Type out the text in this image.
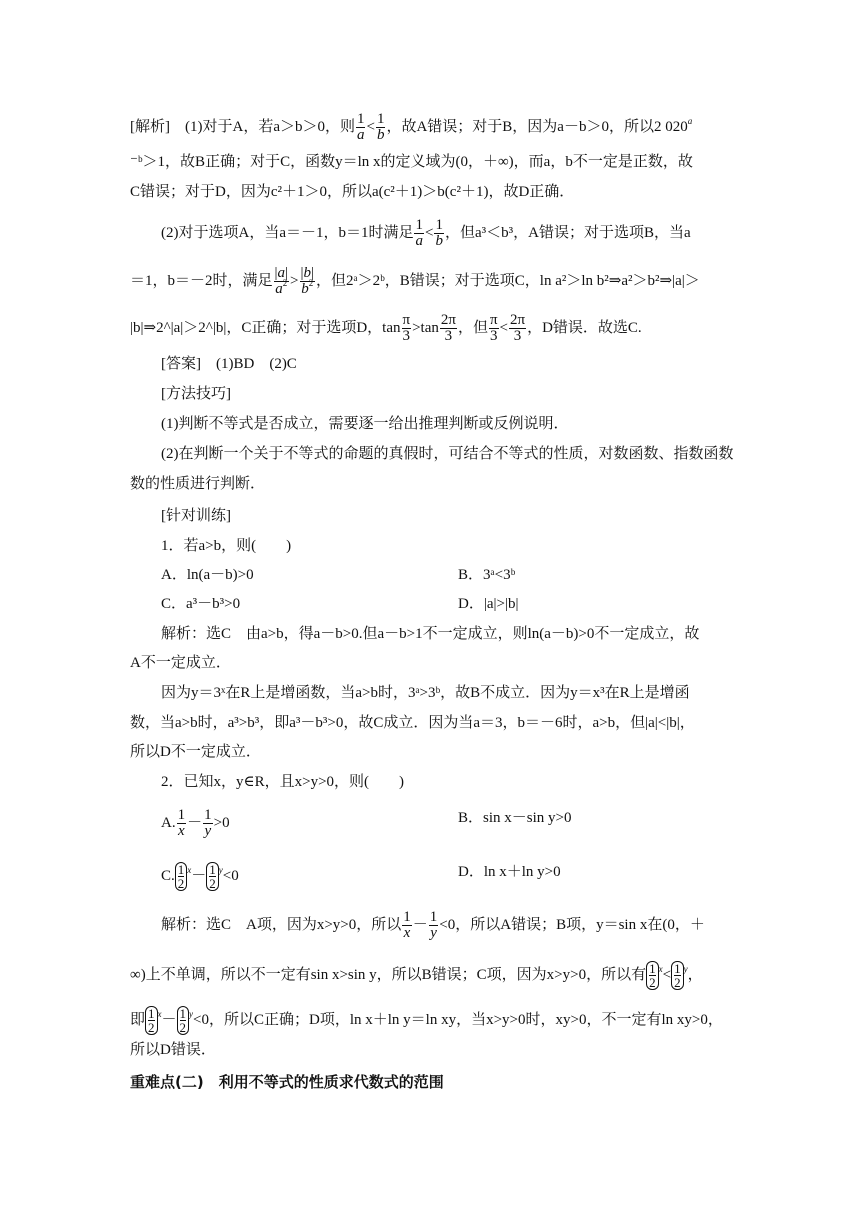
[解析]　(1)对于A，若a＞b＞0，则 $\frac{1}{a} < \frac{1}{b}$ ，故A错误；对于B，因为a－b＞0，所以2 020$^a$
⁻ᵇ＞1，故B正确；对于C，函数y＝ln x的定义域为(0，＋∞)，而a，b不一定是正数，故
C错误；对于D，因为c²＋1＞0，所以a(c²＋1)＞b(c²＋1)，故D正确．
(2)对于选项A，当a＝－1，b＝1时满足 $\frac{1}{a} < \frac{1}{b}$ ，但a³＜b³，A错误；对于选项B，当a
＝1，b＝－2时，满足 $\frac{|a|}{a^2} > \frac{|b|}{b^2}$ ，但2ᵃ＞2ᵇ，B错误；对于选项C，ln a²＞ln b²⇒a²＞b²⇒|a|＞
|b|⇒2^|a|＞2^|b|，C正确；对于选项D，$\tan \frac{\pi}{3} >\tan \frac{2\pi}{3}$ ，但 $\frac{\pi}{3} < \frac{2\pi}{3}$ ，D错误．故选C.
[答案]　(1)BD　(2)C
[方法技巧]
(1)判断不等式是否成立，需要逐一给出推理判断或反例说明．
(2)在判断一个关于不等式的命题的真假时，可结合不等式的性质，对数函数、指数函数
数的性质进行判断．
[针对训练]
1．若a>b，则(　　)
A．ln(a－b)>0	B．3ᵃ<3ᵇ
C．a³－b³>0	D．|a|>|b|
解析：选C　由a>b，得a－b>0.但a－b>1不一定成立，则ln(a－b)>0不一定成立，故
A不一定成立．
因为y＝3ˣ在R上是增函数，当a>b时，3ᵃ>3ᵇ，故B不成立．因为y＝x³在R上是增函
数，当a>b时，a³>b³，即a³－b³>0，故C成立．因为当a＝3，b＝－6时，a>b，但|a|<|b|，
所以D不一定成立．
2．已知x，y∈R，且x>y>0，则(　　)
A. $\frac{1}{x} - \frac{1}{y} >0$	B．sin x－sin y>0
C. $\frac{1}{2} ^x- \frac{1}{2} ^y<0$	D．ln x＋ln y>0
解析：选C　A项，因为x>y>0，所以 $\frac{1}{x} - \frac{1}{y} <0$，所以A错误；B项，y＝sin x在(0，＋
∞)上不单调，所以不一定有sin x>sin y，所以B错误；C项，因为x>y>0，所以有 $\frac{1}{2} ^x< \frac{1}{2} ^y$，
即 $\frac{1}{2} ^x- \frac{1}{2} ^y<0$，所以C正确；D项，ln x＋ln y＝ln xy，当x>y>0时，xy>0，不一定有ln xy>0，
所以D错误．
重难点(二)　利用不等式的性质求代数式的范围
